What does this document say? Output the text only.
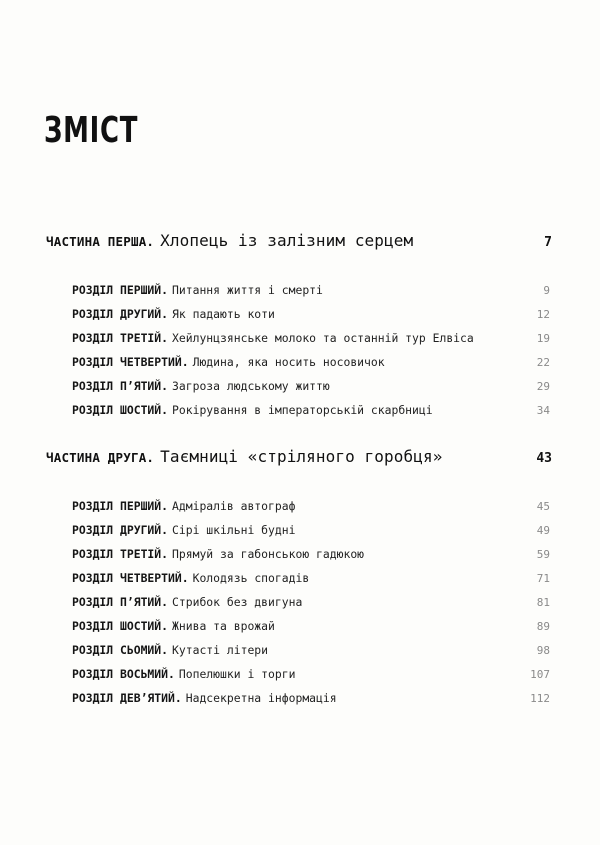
ЗМІСТ
ЧАСТИНА ПЕРША. Хлопець із залізним серцем	7
РОЗДІЛ ПЕРШИЙ. Питання життя і смерті	9
РОЗДІЛ ДРУГИЙ. Як падають коти	12
РОЗДІЛ ТРЕТІЙ. Хейлунцзянське молоко та останній тур Елвіса	19
РОЗДІЛ ЧЕТВЕРТИЙ. Людина, яка носить носовичок	22
РОЗДІЛ П’ЯТИЙ. Загроза людському життю	29
РОЗДІЛ ШОСТИЙ. Рокірування в імператорській скарбниці	34
ЧАСТИНА ДРУГА. Таємниці «стріляного горобця»	43
РОЗДІЛ ПЕРШИЙ. Адміралів автограф	45
РОЗДІЛ ДРУГИЙ. Сірі шкільні будні	49
РОЗДІЛ ТРЕТІЙ. Прямуй за габонською гадюкою	59
РОЗДІЛ ЧЕТВЕРТИЙ. Колодязь спогадів	71
РОЗДІЛ П’ЯТИЙ. Стрибок без двигуна	81
РОЗДІЛ ШОСТИЙ. Жнива та врожай	89
РОЗДІЛ СЬОМИЙ. Кутасті літери	98
РОЗДІЛ ВОСЬМИЙ. Попелюшки і торги	107
РОЗДІЛ ДЕВ’ЯТИЙ. Надсекретна інформація	112
